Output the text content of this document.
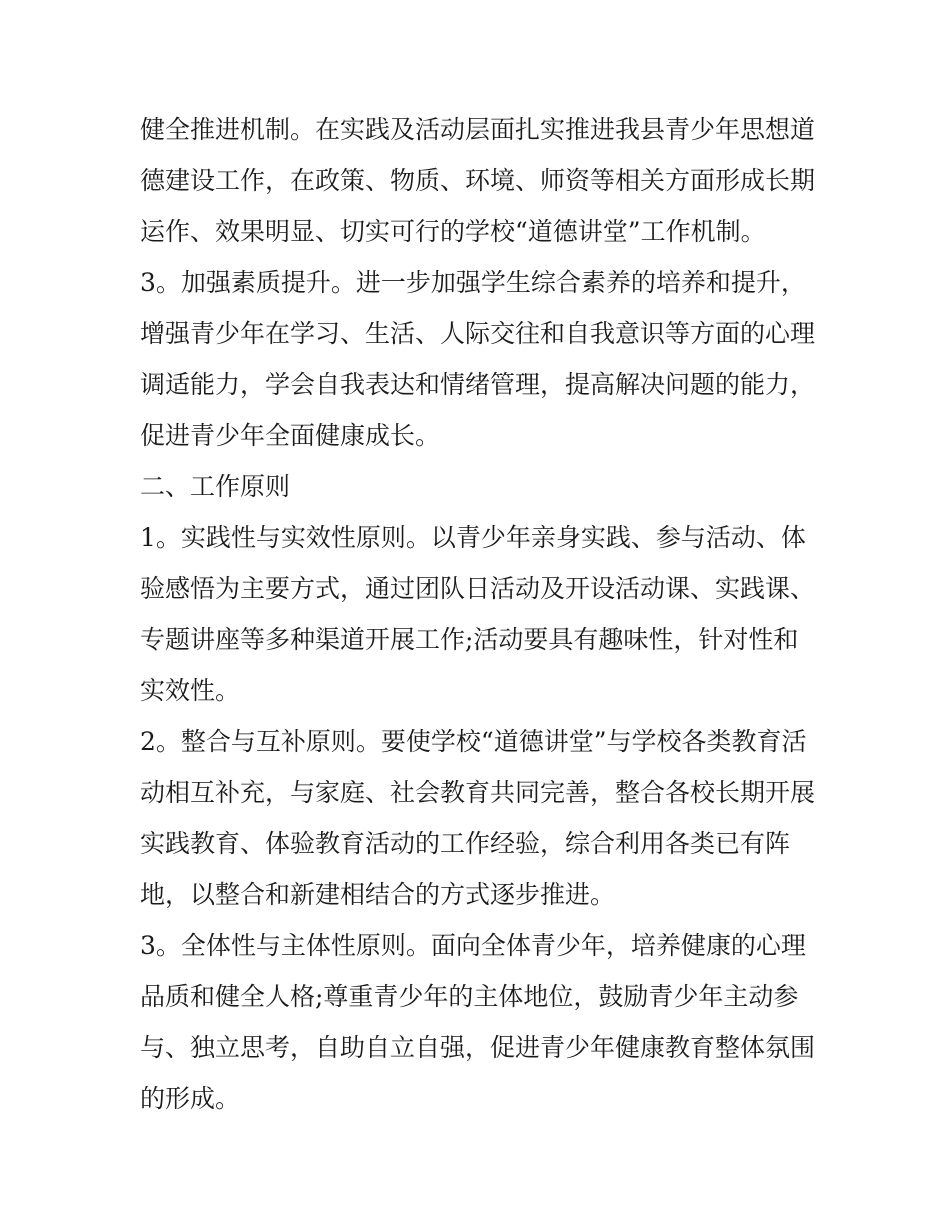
健全推进机制。在实践及活动层面扎实推进我县青少年思想道
德建设工作，在政策、物质、环境、师资等相关方面形成长期
运作、效果明显、切实可行的学校“道德讲堂”工作机制。
3。加强素质提升。进一步加强学生综合素养的培养和提升，
增强青少年在学习、生活、人际交往和自我意识等方面的心理
调适能力，学会自我表达和情绪管理，提高解决问题的能力，
促进青少年全面健康成长。
二、工作原则
1。实践性与实效性原则。以青少年亲身实践、参与活动、体
验感悟为主要方式，通过团队日活动及开设活动课、实践课、
专题讲座等多种渠道开展工作;活动要具有趣味性，针对性和
实效性。
2。整合与互补原则。要使学校“道德讲堂”与学校各类教育活
动相互补充，与家庭、社会教育共同完善，整合各校长期开展
实践教育、体验教育活动的工作经验，综合利用各类已有阵
地，以整合和新建相结合的方式逐步推进。
3。全体性与主体性原则。面向全体青少年，培养健康的心理
品质和健全人格;尊重青少年的主体地位，鼓励青少年主动参
与、独立思考，自助自立自强，促进青少年健康教育整体氛围
的形成。
